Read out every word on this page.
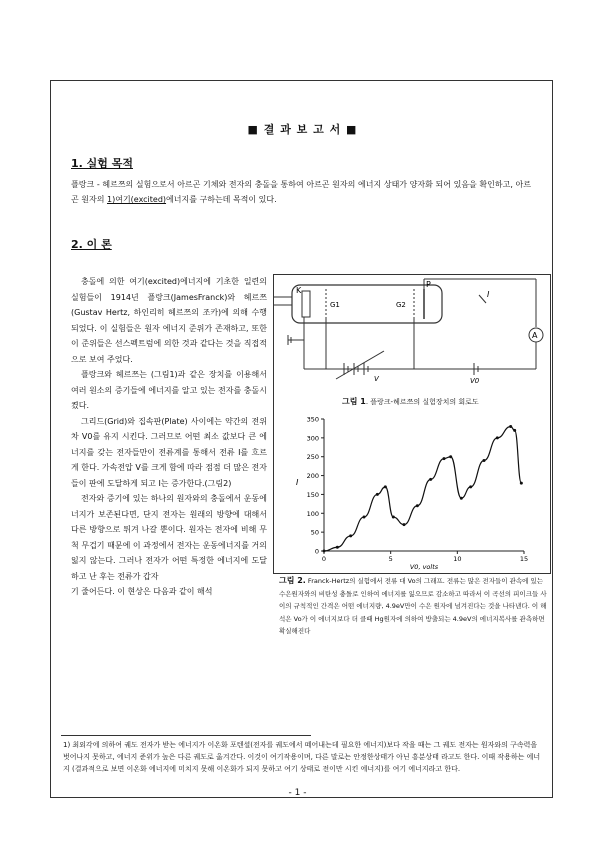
■ 결 과 보 고 서 ■
1. 실험 목적
플랑크 - 헤르쯔의 실험으로서 아르곤 기체와 전자의 충돌을 통하여 아르곤 원자의 에너지 상태가 양자화 되어 있음을 확인하고, 아르곤 원자의 1)여기(excited)에너지를 구하는데 목적이 있다.
2. 이 론

충돌에 의한 여기(excited)에너지에 기초한 일련의 실험들이 1914년 플랑크(JamesFranck)와 헤르쯔(Gustav Hertz, 하인리히 헤르쯔의 조카)에 의해 수행되었다. 이 실험들은 원자 에너지 준위가 존재하고, 또한 이 준위들은 선스펙트럼에 의한 것과 같다는 것을 직접적으로 보여 주었다.

플랑크와 헤르쯔는 (그림1)과 같은 장치를 이용해서 여러 원소의 증기들에 에너지를 알고 있는 전자를 충돌시켰다.

그리드(Grid)와 집속판(Plate) 사이에는 약간의 전위차 V0를 유지 시킨다. 그러므로 어떤 최소 값보다 큰 에너지를 갖는 전자들만이 전류계를 통해서 전류 I를 흐르게 한다. 가속전압 V를 크게 함에 따라 점점 더 많은 전자들이 판에 도달하게 되고 I는 증가한다.(그림2)

전자와 증기에 있는 하나의 원자와의 충돌에서 운동에너지가 보존된다면, 단지 전자는 원래의 방향에 대해서 다른 방향으로 튀겨 나갈 뿐이다. 원자는 전자에 비해 무척 무겁기 때문에 이 과정에서 전자는 운동에너지를 거의 잃지 않는다. 그러나 전자가 어떤 특정한 에너지에 도달하고 난 후는 전류가 갑자

기 줄어든다. 이 현상은 다음과 같이 해석

K
P
G1	G2
I
A
V	V0
그림 1. 플랑크-헤르쯔의 실험장치의 회로도
0
50
100
150
200
250
300
350
0	5	10	15
I
V0, volts
그림 2. Franck-Hertz의 실험에서 전류 대 Vo의 그래프. 전류는 많은 전자들이 관속에 있는 수은원자와의 비탄성 충돌로 인하여 에너지를 잃으므로 감소하고 따라서 이 곡선의 피이크들 사이의 규칙적인 간격은 어떤 에너지량, 4.9eV만이 수은 원자에 넘겨진다는 것을 나타낸다. 이 해석은 Vo가 이 에너지보다 더 클때 Hg원자에 의하여 방출되는 4.9eV의 에너지복사를 관측하면 확실해진다
1) 최외각에 의하여 궤도 전자가 받는 에너지가 이온화 포텐셜(전자를 궤도에서 떼어내는데 필요한 에너지)보다 작을 때는 그 궤도 전자는 원자와의 구속력을 벗어나지 못하고, 에너지 준위가 높은 다른 궤도로 옮겨간다. 이것이 여기작용이며, 다른 말로는 안정한상태가 아닌 흥분상태 라고도 한다. 이때 작용하는 에너지 (결과적으로 보면 이온화 에너지에 미치지 못해 이온화가 되지 못하고 여기 상태로 전이만 시킨 에너지)를 여기 에너지라고 한다.
- 1 -
